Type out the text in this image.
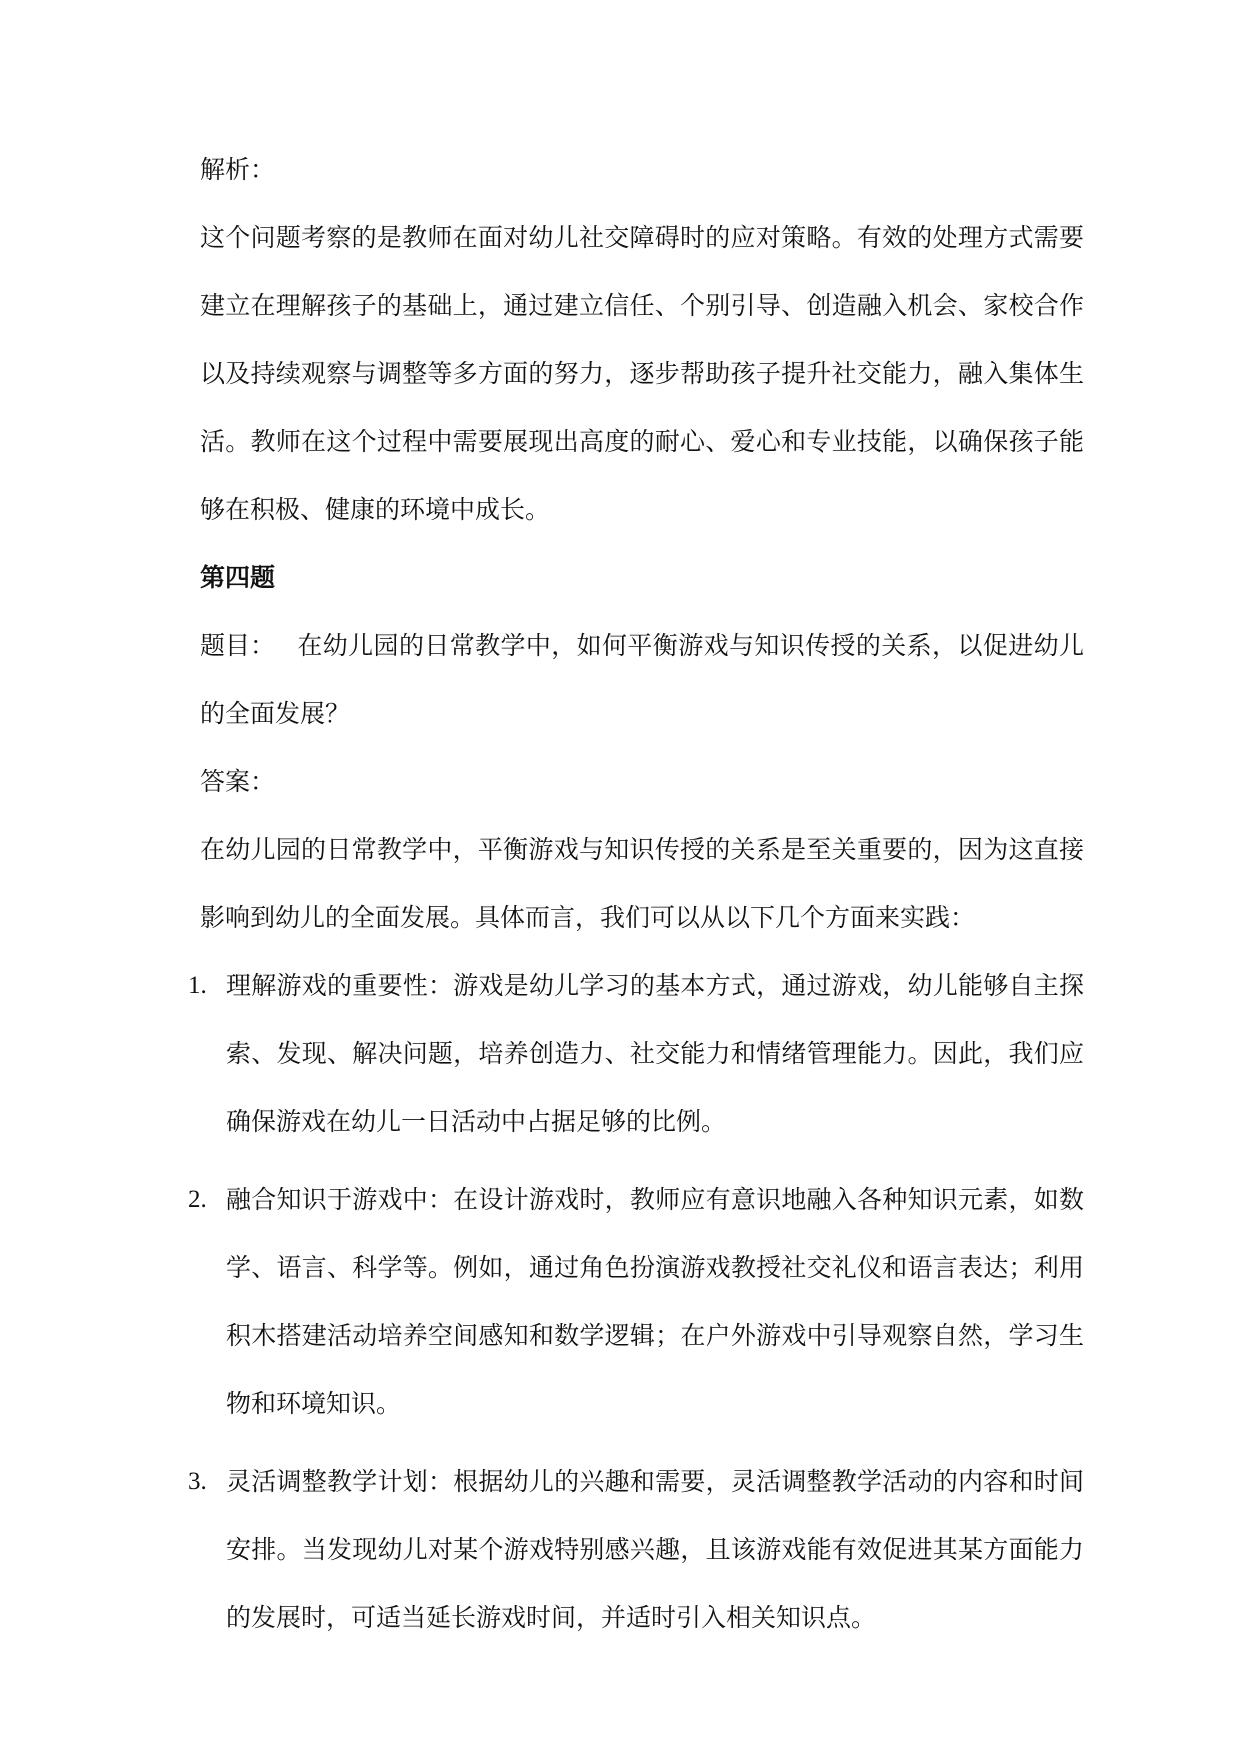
解析：

这个问题考察的是教师在面对幼儿社交障碍时的应对策略。有效的处理方式需要建立在理解孩子的基础上，通过建立信任、个别引导、创造融入机会、家校合作以及持续观察与调整等多方面的努力，逐步帮助孩子提升社交能力，融入集体生活。教师在这个过程中需要展现出高度的耐心、爱心和专业技能，以确保孩子能够在积极、健康的环境中成长。

第四题

题目： 在幼儿园的日常教学中，如何平衡游戏与知识传授的关系，以促进幼儿的全面发展？

答案：

在幼儿园的日常教学中，平衡游戏与知识传授的关系是至关重要的，因为这直接影响到幼儿的全面发展。具体而言，我们可以从以下几个方面来实践：

1. 理解游戏的重要性：游戏是幼儿学习的基本方式，通过游戏，幼儿能够自主探索、发现、解决问题，培养创造力、社交能力和情绪管理能力。因此，我们应确保游戏在幼儿一日活动中占据足够的比例。
2. 融合知识于游戏中：在设计游戏时，教师应有意识地融入各种知识元素，如数学、语言、科学等。例如，通过角色扮演游戏教授社交礼仪和语言表达；利用积木搭建活动培养空间感知和数学逻辑；在户外游戏中引导观察自然，学习生物和环境知识。
3. 灵活调整教学计划：根据幼儿的兴趣和需要，灵活调整教学活动的内容和时间安排。当发现幼儿对某个游戏特别感兴趣，且该游戏能有效促进其某方面能力的发展时，可适当延长游戏时间，并适时引入相关知识点。
